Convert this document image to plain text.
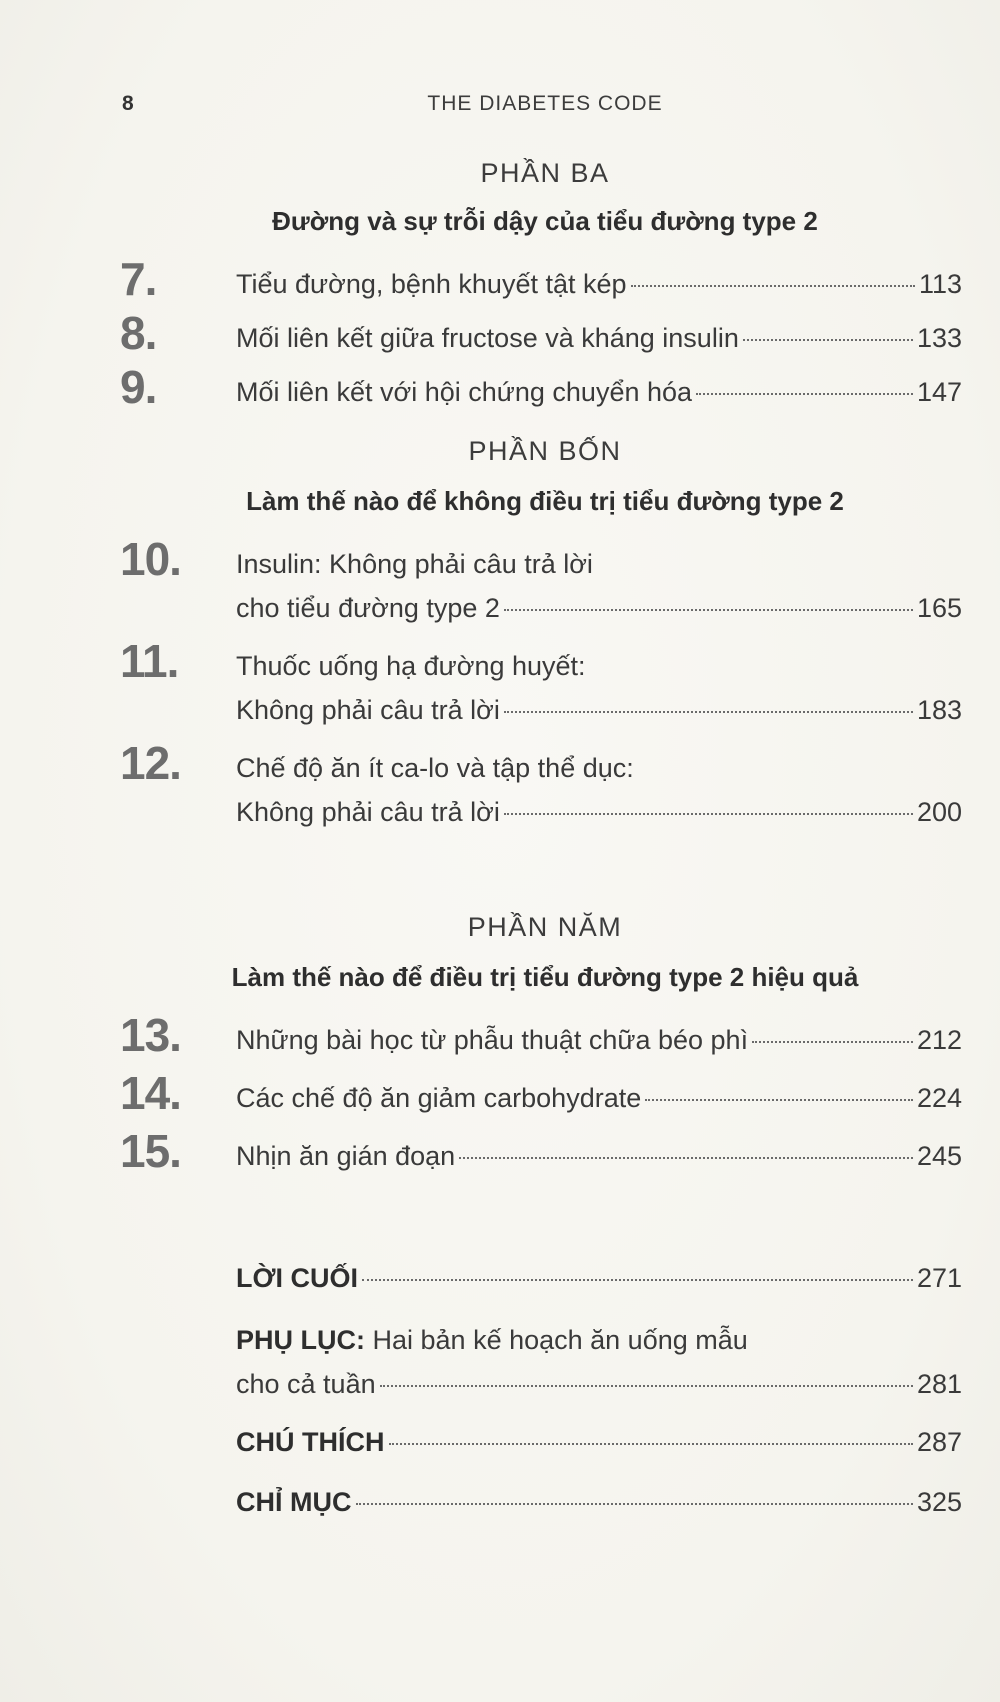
8	THE DIABETES CODE
PHẦN BA
Đường và sự trỗi dậy của tiểu đường type 2
7.	Tiểu đường, bệnh khuyết tật kép	113
8.	Mối liên kết giữa fructose và kháng insulin	133
9.	Mối liên kết với hội chứng chuyển hóa	147
PHẦN BỐN
Làm thế nào để không điều trị tiểu đường type 2
10. Insulin: Không phải câu trả lời
cho tiểu đường type 2	165
11. Thuốc uống hạ đường huyết:
Không phải câu trả lời	183
12. Chế độ ăn ít ca-lo và tập thể dục:
Không phải câu trả lời	200
PHẦN NĂM
Làm thế nào để điều trị tiểu đường type 2 hiệu quả
13. Những bài học từ phẫu thuật chữa béo phì	212
14. Các chế độ ăn giảm carbohydrate	224
15. Nhịn ăn gián đoạn	245
LỜI CUỐI	271
PHỤ LỤC: Hai bản kế hoạch ăn uống mẫu
cho cả tuần	281
CHÚ THÍCH	287
CHỈ MỤC	325
